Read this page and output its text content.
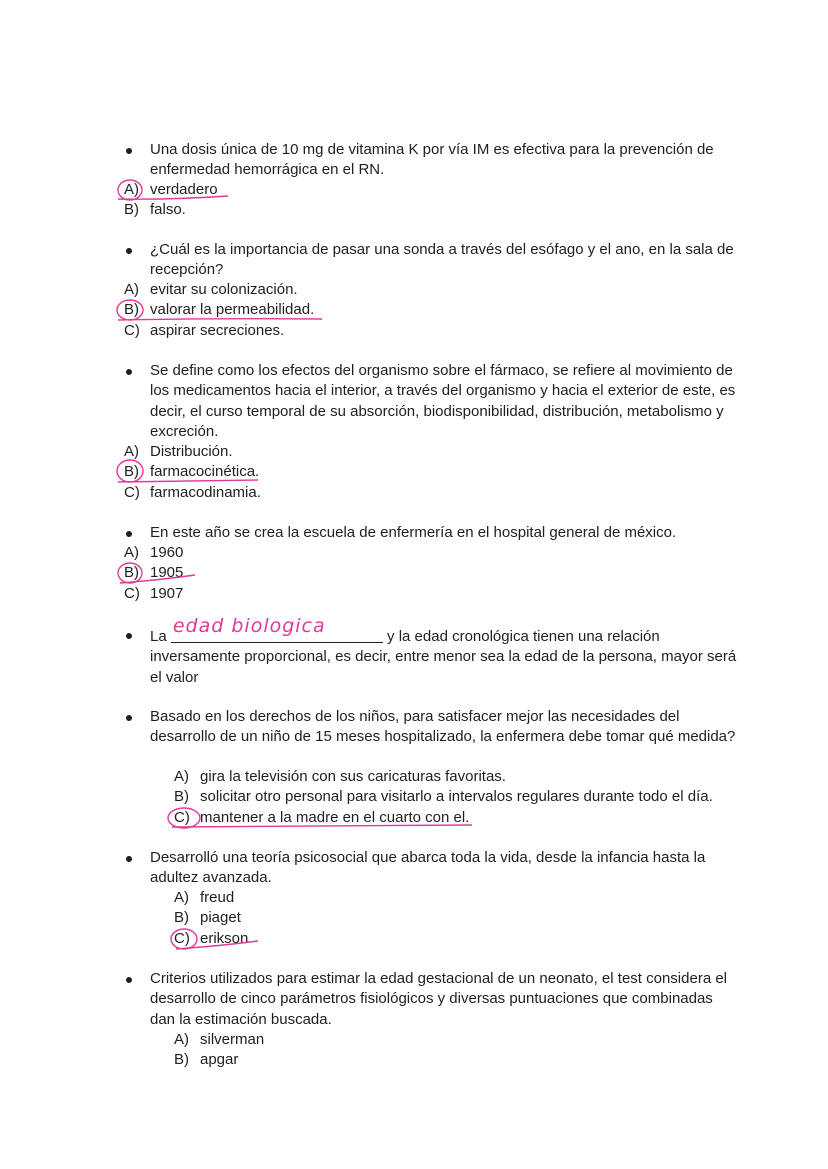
Una dosis única de 10 mg de vitamina K por vía IM es efectiva para la prevención de enfermedad hemorrágica en el RN.
A) verdadero
B) falso.
¿Cuál es la importancia de pasar una sonda a través del esófago y el ano, en la sala de recepción?
A) evitar su colonización.
B) valorar la permeabilidad.
C) aspirar secreciones.
Se define como los efectos del organismo sobre el fármaco, se refiere al movimiento de los medicamentos hacia el interior, a través del organismo y hacia el exterior de este, es decir, el curso temporal de su absorción, biodisponibilidad, distribución, metabolismo y excreción.
A) Distribución.
B) farmacocinética.
C) farmacodinamia.
En este año se crea la escuela de enfermería en el hospital general de méxico.
A) 1960
B) 1905
C) 1907
La edad biologica	y la edad cronológica tienen una relación inversamente proporcional, es decir, entre menor sea la edad de la persona, mayor será el valor
Basado en los derechos de los niños, para satisfacer mejor las necesidades del desarrollo de un niño de 15 meses hospitalizado, la enfermera debe tomar qué medida?
A) gira la televisión con sus caricaturas favoritas.
B) solicitar otro personal para visitarlo a intervalos regulares durante todo el día.
C) mantener a la madre en el cuarto con el.
Desarrolló una teoría psicosocial que abarca toda la vida, desde la infancia hasta la adultez avanzada.
A) freud
B) piaget
C) erikson
Criterios utilizados para estimar la edad gestacional de un neonato, el test considera el desarrollo de cinco parámetros fisiológicos y diversas puntuaciones que combinadas dan la estimación buscada.
A) silverman
B) apgar
